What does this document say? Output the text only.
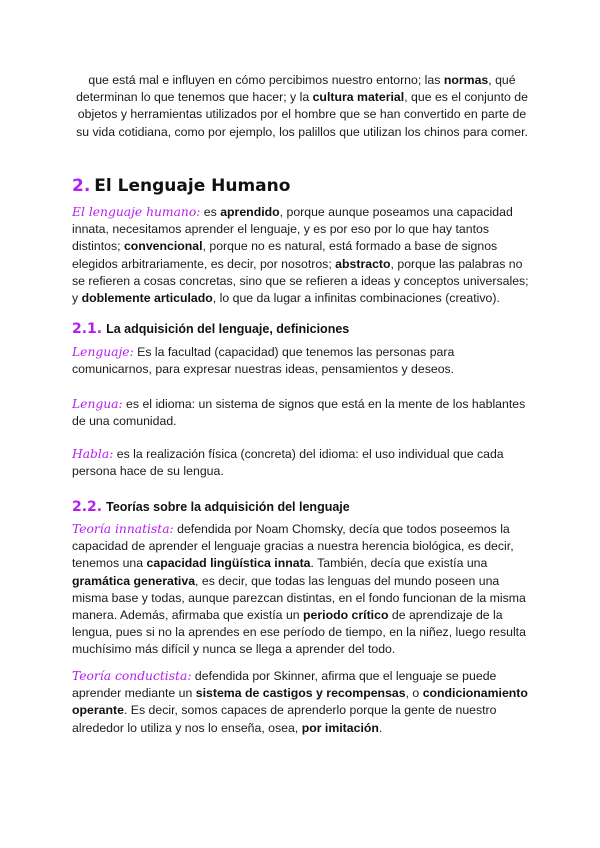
que está mal e influyen en cómo percibimos nuestro entorno; las normas, qué determinan lo que tenemos que hacer; y la cultura material, que es el conjunto de objetos y herramientas utilizados por el hombre que se han convertido en parte de su vida cotidiana, como por ejemplo, los palillos que utilizan los chinos para comer.
2. El Lenguaje Humano
El lenguaje humano: es aprendido, porque aunque poseamos una capacidad innata, necesitamos aprender el lenguaje, y es por eso por lo que hay tantos distintos; convencional, porque no es natural, está formado a base de signos elegidos arbitrariamente, es decir, por nosotros; abstracto, porque las palabras no se refieren a cosas concretas, sino que se refieren a ideas y conceptos universales; y doblemente articulado, lo que da lugar a infinitas combinaciones (creativo).
2.1. La adquisición del lenguaje, definiciones
Lenguaje: Es la facultad (capacidad) que tenemos las personas para comunicarnos, para expresar nuestras ideas, pensamientos y deseos.
Lengua: es el idioma: un sistema de signos que está en la mente de los hablantes de una comunidad.
Habla: es la realización física (concreta) del idioma: el uso individual que cada persona hace de su lengua.
2.2. Teorías sobre la adquisición del lenguaje
Teoría innatista: defendida por Noam Chomsky, decía que todos poseemos la capacidad de aprender el lenguaje gracias a nuestra herencia biológica, es decir, tenemos una capacidad lingüística innata. También, decía que existía una gramática generativa, es decir, que todas las lenguas del mundo poseen una misma base y todas, aunque parezcan distintas, en el fondo funcionan de la misma manera. Además, afirmaba que existía un periodo crítico de aprendizaje de la lengua, pues si no la aprendes en ese período de tiempo, en la niñez, luego resulta muchísimo más difícil y nunca se llega a aprender del todo.
Teoría conductista: defendida por Skinner, afirma que el lenguaje se puede aprender mediante un sistema de castigos y recompensas, o condicionamiento operante. Es decir, somos capaces de aprenderlo porque la gente de nuestro alrededor lo utiliza y nos lo enseña, osea, por imitación.
